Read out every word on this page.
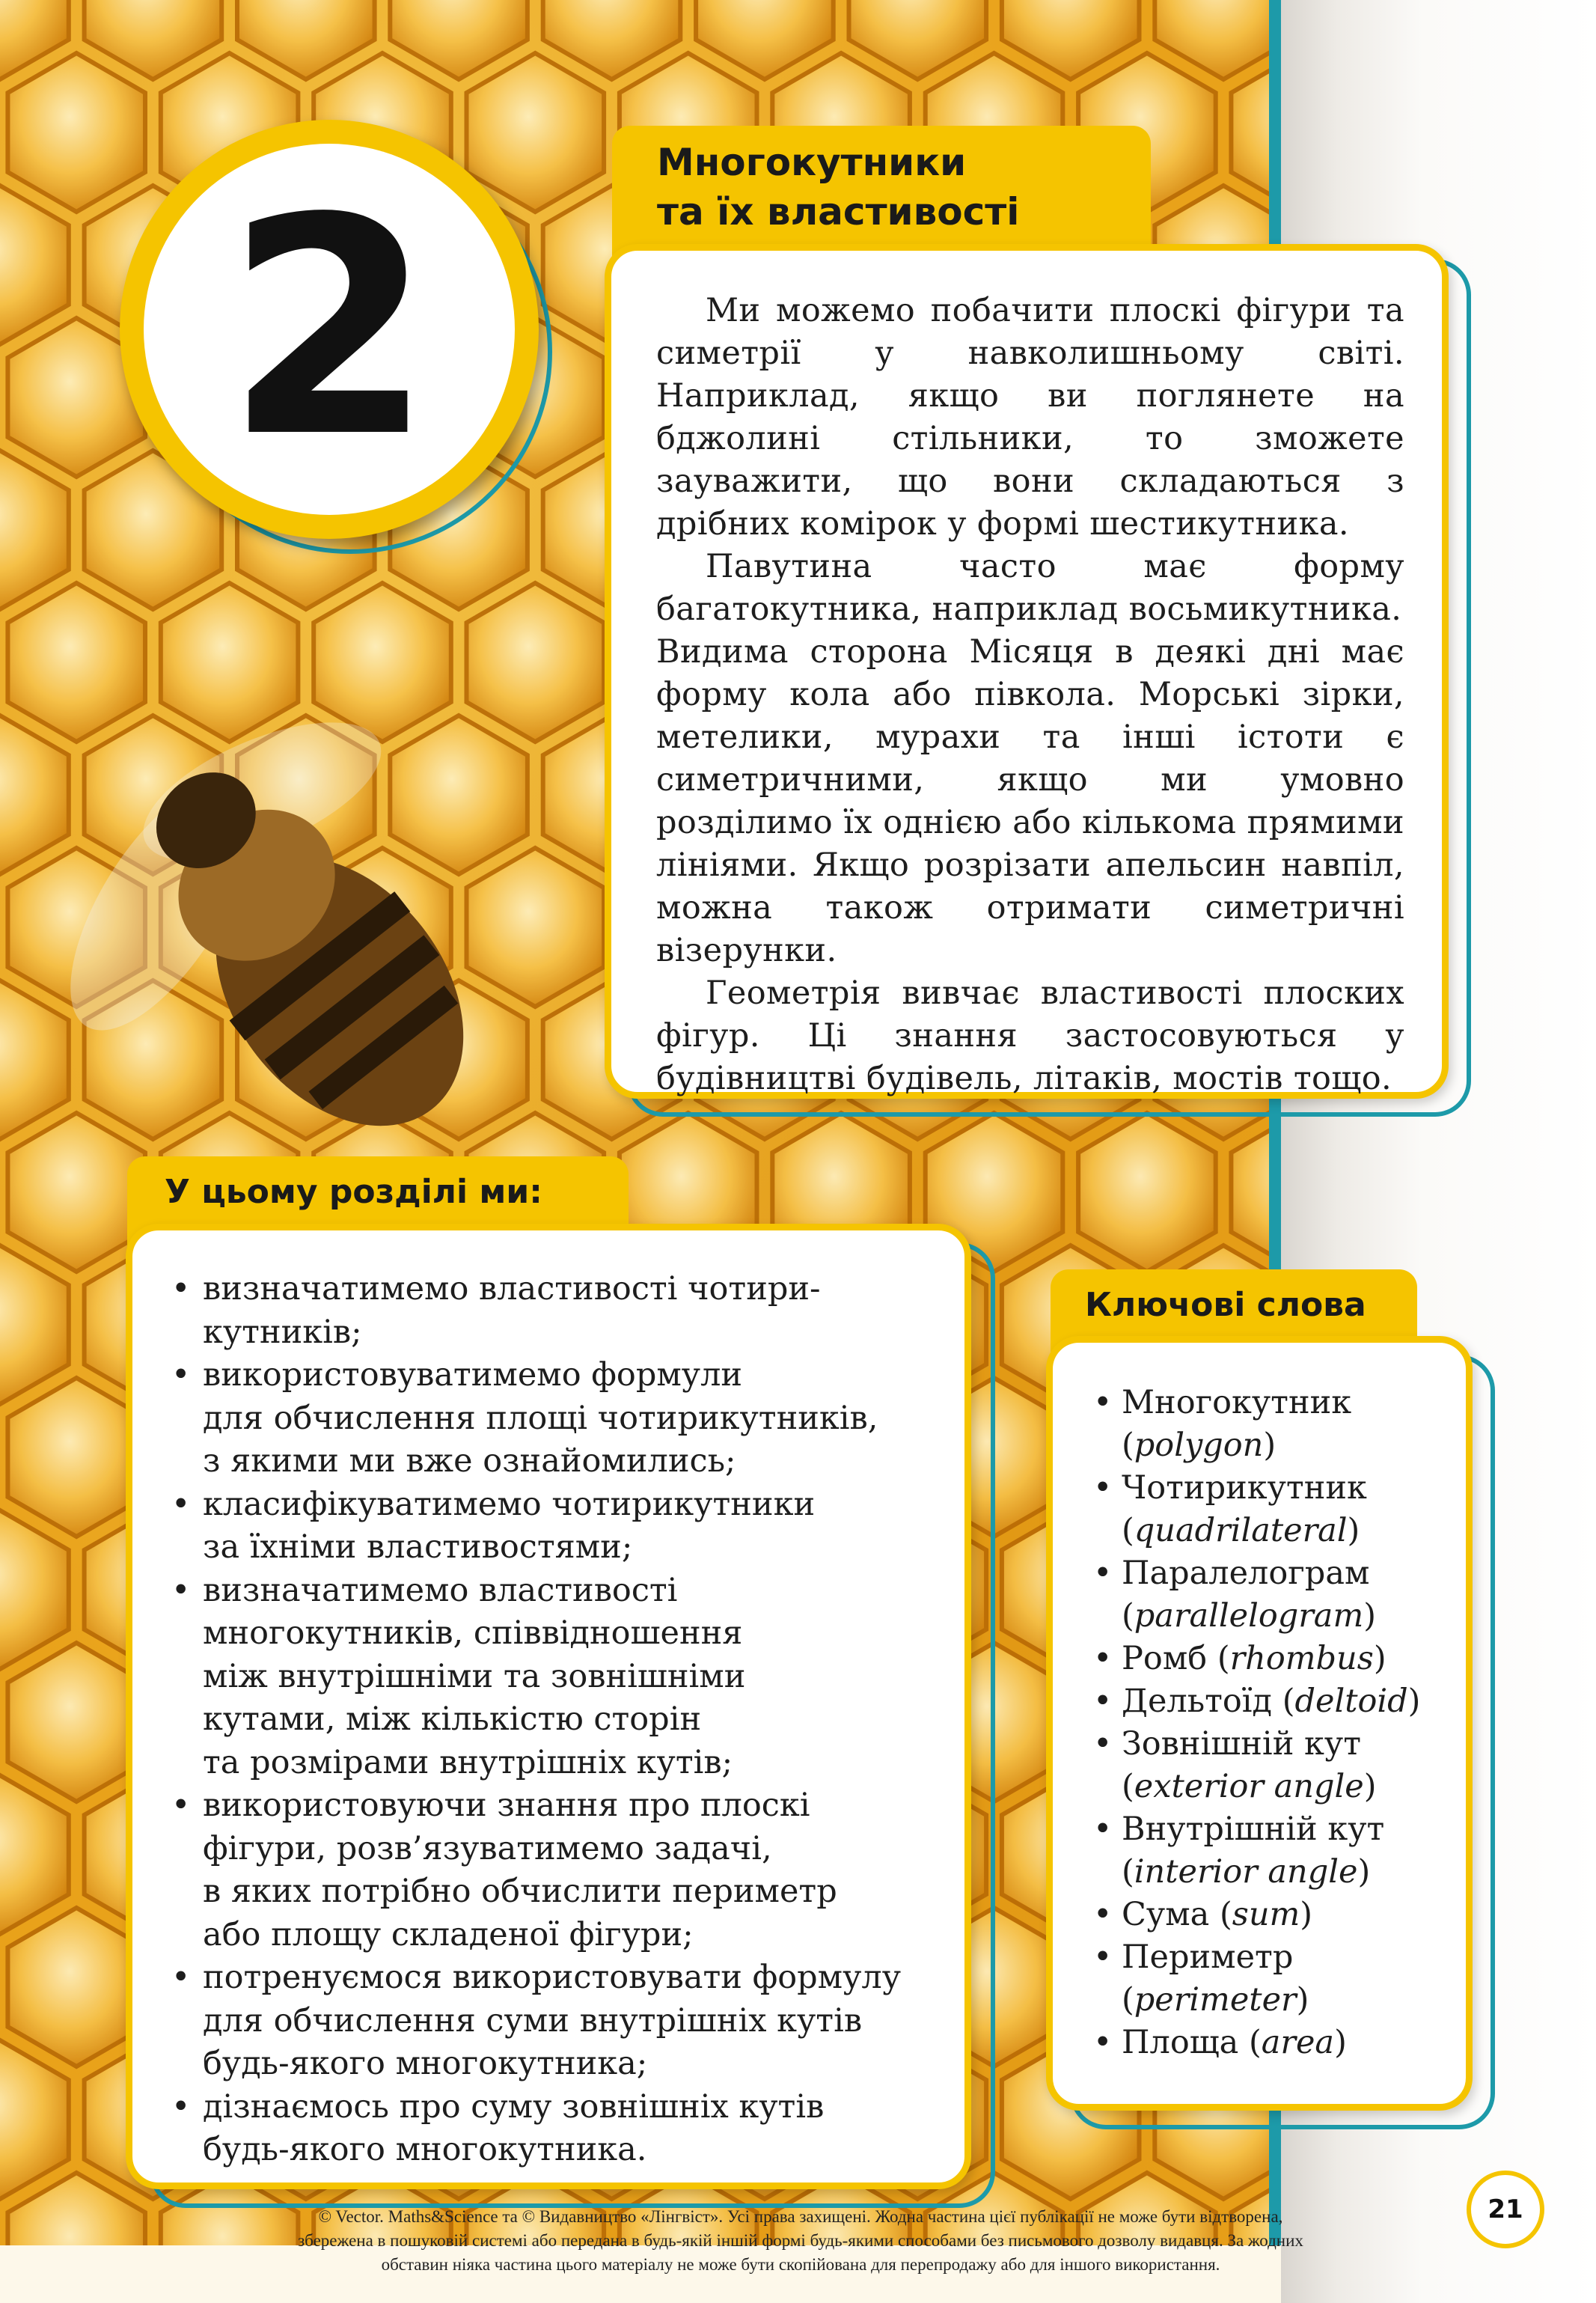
2	Многокутники
та їх властивості

Ми можемо побачити плоскі фігури та симетрії у навколишньому світі. Наприклад, якщо ви поглянете на бджолині стільники, то зможете зауважити, що вони складаються з дрібних комірок у формі шестикутника.

Павутина часто має форму багатокутника, наприклад восьмикутника.

Видима сторона Місяця в деякі дні має форму кола або півкола. Морські зірки, метелики, мурахи та інші істоти є симетричними, якщо ми умовно розділимо їх однією або кількома прямими лініями. Якщо розрізати апельсин навпіл, можна також отримати симетричні візерунки.

Геометрія вивчає властивості плоских фігур. Ці знання застосовуються у будівництві будівель, літаків, мостів тощо.

У цьому розділі ми:
• визначатимемо властивості чотири-
кутників;
• використовуватимемо формули
для обчислення площі чотирикутників,
з якими ми вже ознайомились;
• класифікуватимемо чотирикутники
за їхніми властивостями;
• визначатимемо властивості
многокутників, співвідношення
між внутрішніми та зовнішніми
кутами, між кількістю сторін
та розмірами внутрішніх кутів;
• використовуючи знання про плоскі
фігури, розв’язуватимемо задачі,
в яких потрібно обчислити периметр
або площу складеної фігури;
• потренуємося використовувати формулу
для обчислення суми внутрішніх кутів
будь-якого многокутника;
• дізнаємось про суму зовнішніх кутів
будь-якого многокутника.
Ключові слова
• Многокутник
(polygon)
• Чотирикутник
(quadrilateral)
• Паралелограм
(parallelogram)
• Ромб (rhombus)
• Дельтоїд (deltoid)
• Зовнішній кут
(exterior angle)
• Внутрішній кут
(interior angle)
• Сума (sum)
• Периметр
(perimeter)
• Площа (area)
© Vector. Maths&Science та © Видавництво «Лінгвіст». Усі права захищені. Жодна частина цієї публікації не може бути відтворена,
збережена в пошуковій системі або передана в будь-якій іншій формі будь-якими способами без письмового дозволу видавця. За жодних
обставин ніяка частина цього матеріалу не може бути скопійована для перепродажу або для іншого використання.
21
